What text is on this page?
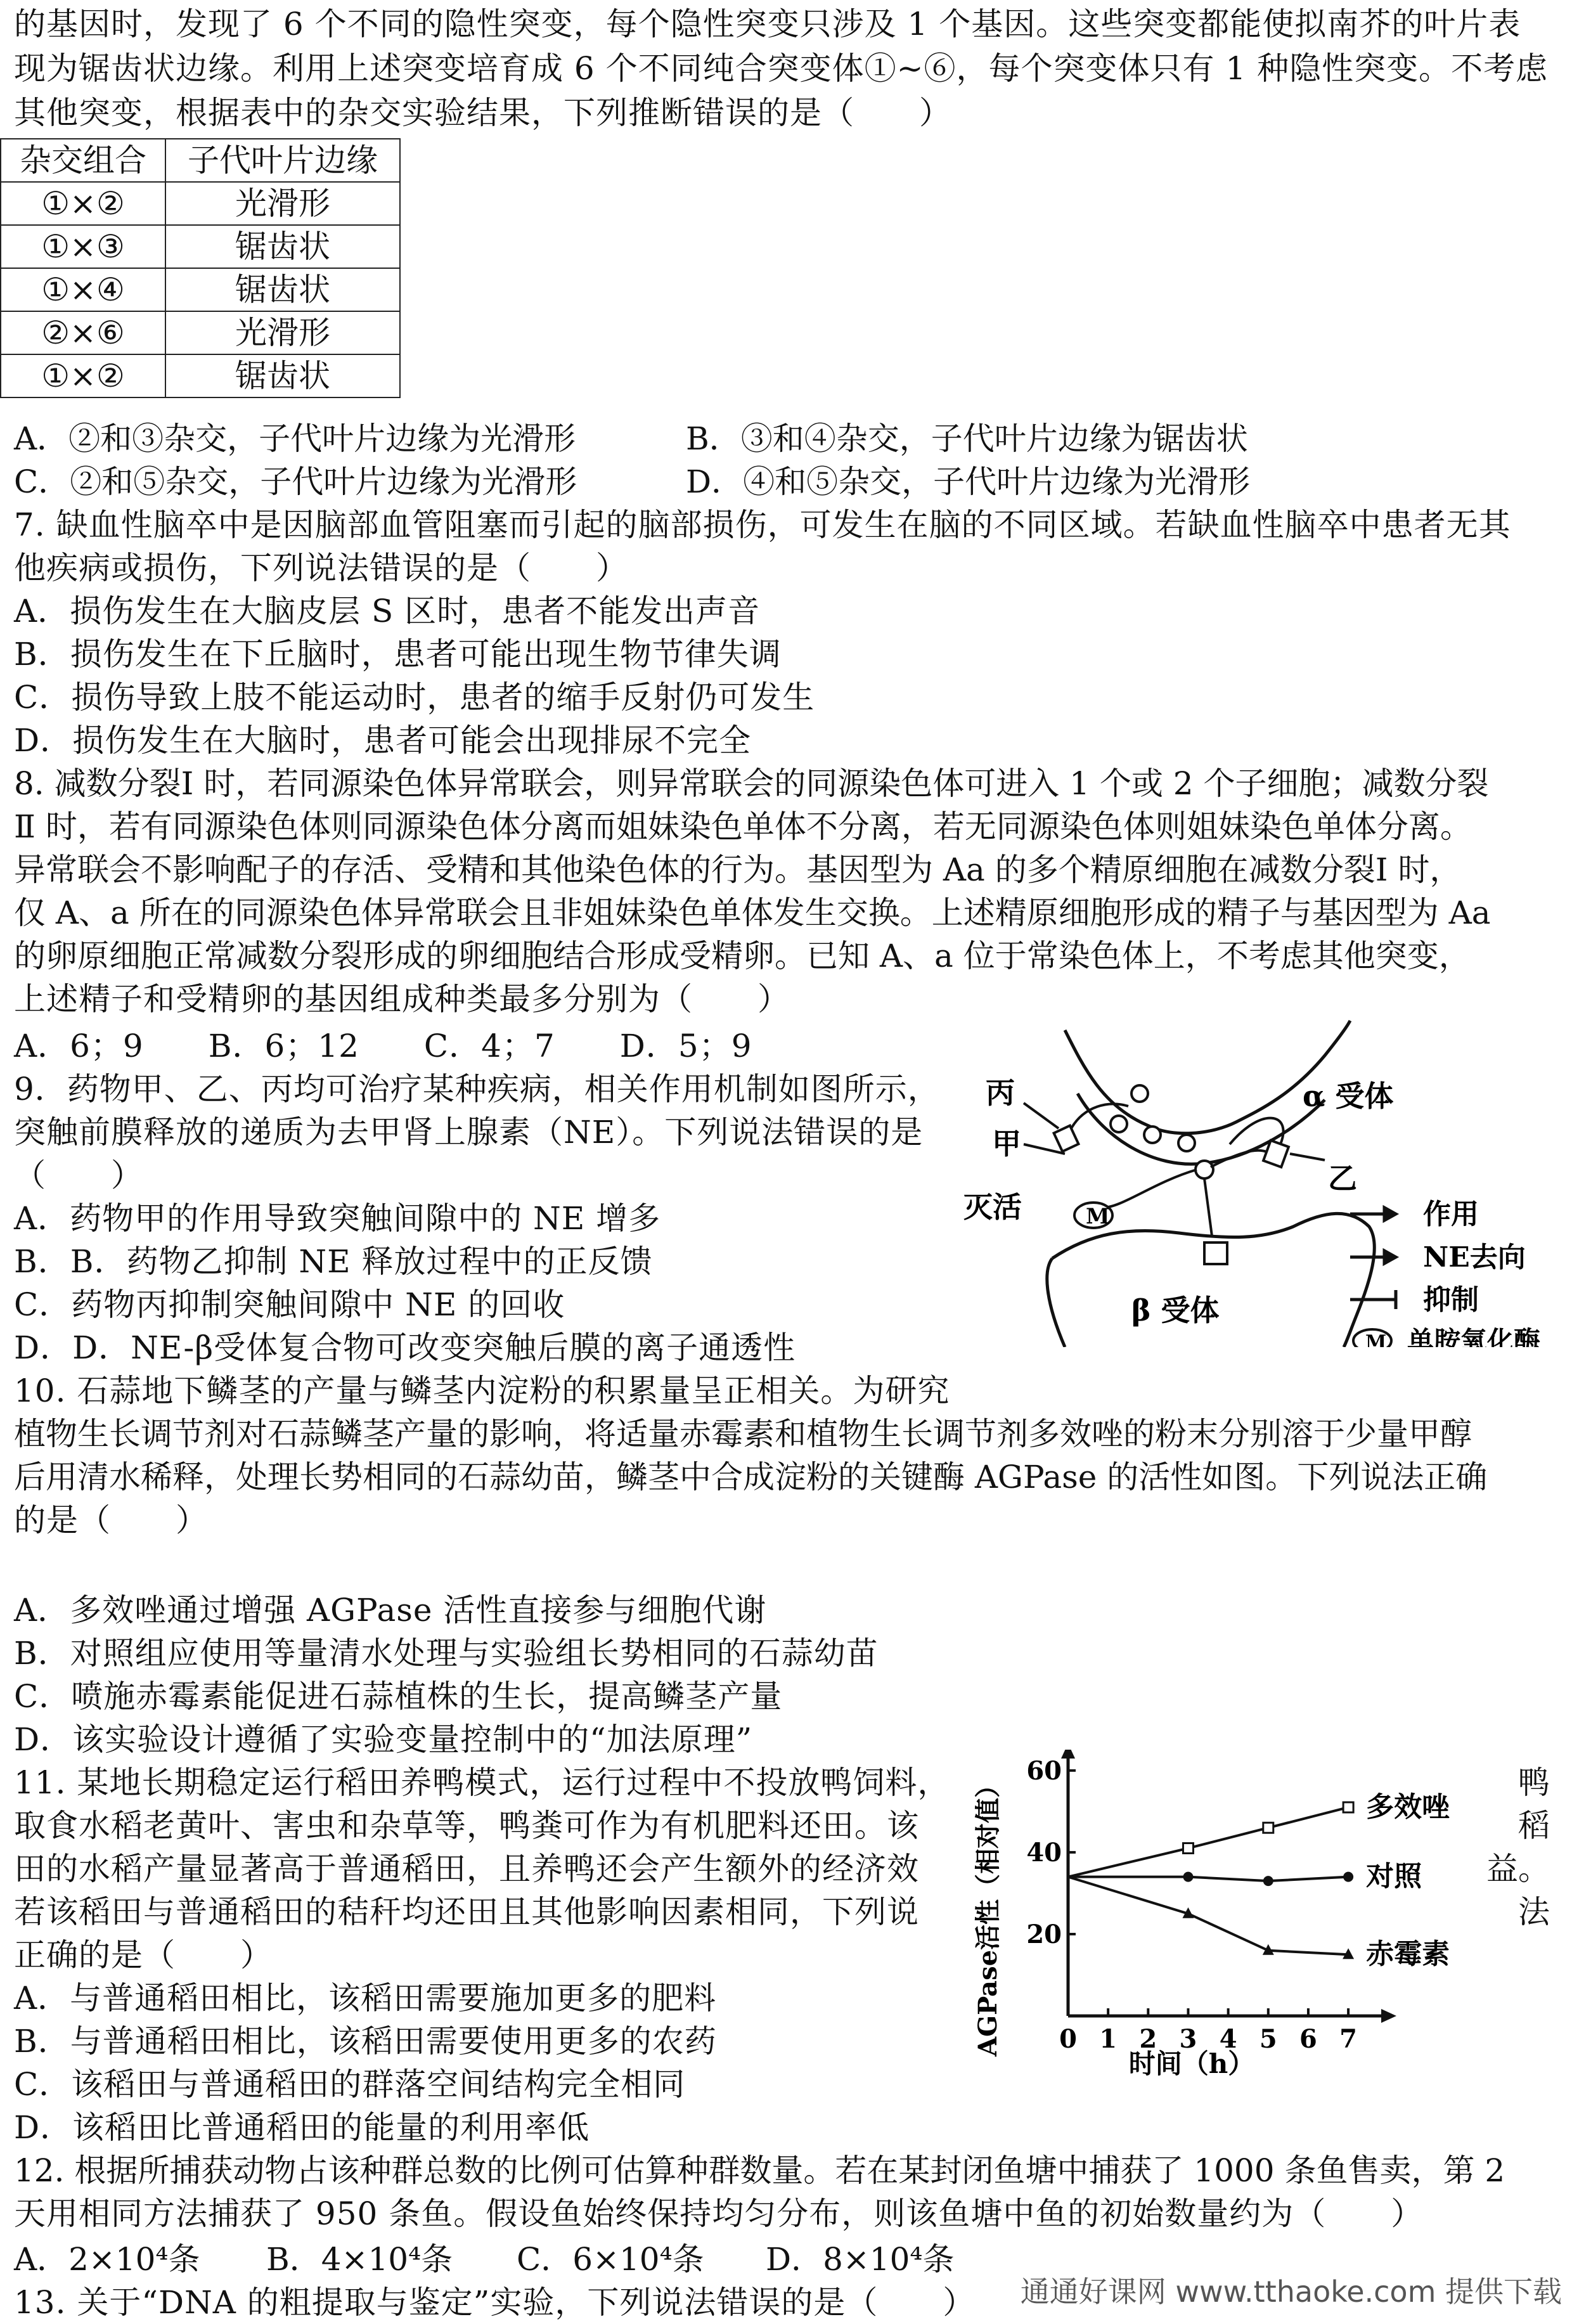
的基因时，发现了 6 个不同的隐性突变，每个隐性突变只涉及 1 个基因。这些突变都能使拟南芥的叶片表
现为锯齿状边缘。利用上述突变培育成 6 个不同纯合突变体①~⑥，每个突变体只有 1 种隐性突变。不考虑
其他突变，根据表中的杂交实验结果，下列推断错误的是（　　）
杂交组合	子代叶片边缘
①×②	光滑形
①×③	锯齿状
①×④	锯齿状
②×⑥	光滑形
①×②	锯齿状
A．②和③杂交，子代叶片边缘为光滑形	B．③和④杂交，子代叶片边缘为锯齿状
C．②和⑤杂交，子代叶片边缘为光滑形	D．④和⑤杂交，子代叶片边缘为光滑形
7. 缺血性脑卒中是因脑部血管阻塞而引起的脑部损伤，可发生在脑的不同区域。若缺血性脑卒中患者无其
他疾病或损伤，下列说法错误的是（　　）
A．损伤发生在大脑皮层 S 区时，患者不能发出声音
B．损伤发生在下丘脑时，患者可能出现生物节律失调
C．损伤导致上肢不能运动时，患者的缩手反射仍可发生
D．损伤发生在大脑时，患者可能会出现排尿不完全
8. 减数分裂Ⅰ 时，若同源染色体异常联会，则异常联会的同源染色体可进入 1 个或 2 个子细胞；减数分裂
Ⅱ 时，若有同源染色体则同源染色体分离而姐妹染色单体不分离，若无同源染色体则姐妹染色单体分离。
异常联会不影响配子的存活、受精和其他染色体的行为。基因型为 Aa 的多个精原细胞在减数分裂Ⅰ 时，
仅 A、a 所在的同源染色体异常联会且非姐妹染色单体发生交换。上述精原细胞形成的精子与基因型为 Aa
的卵原细胞正常减数分裂形成的卵细胞结合形成受精卵。已知 A、a 位于常染色体上，不考虑其他突变，
上述精子和受精卵的基因组成种类最多分别为（　　）
A．6；9　　B．6；12　　C．4；7　　D．5；9
9．药物甲、乙、丙均可治疗某种疾病，相关作用机制如图所示，
突触前膜释放的递质为去甲肾上腺素（NE）。下列说法错误的是
（　　）
A．药物甲的作用导致突触间隙中的 NE 增多
B．B．药物乙抑制 NE 释放过程中的正反馈
C．药物丙抑制突触间隙中 NE 的回收
D．D．NE-β受体复合物可改变突触后膜的离子通透性
M
丙
甲
灭活
α 受体
乙
β 受体
M
作用
NE去向
抑制
单胺氧化酶
10. 石蒜地下鳞茎的产量与鳞茎内淀粉的积累量呈正相关。为研究
植物生长调节剂对石蒜鳞茎产量的影响，将适量赤霉素和植物生长调节剂多效唑的粉末分别溶于少量甲醇
后用清水稀释，处理长势相同的石蒜幼苗，鳞茎中合成淀粉的关键酶 AGPase 的活性如图。下列说法正确
的是（　　）
A．多效唑通过增强 AGPase 活性直接参与细胞代谢
B．对照组应使用等量清水处理与实验组长势相同的石蒜幼苗
C．喷施赤霉素能促进石蒜植株的生长，提高鳞茎产量
D．该实验设计遵循了实验变量控制中的“加法原理”
11. 某地长期稳定运行稻田养鸭模式，运行过程中不投放鸭饲料，
取食水稻老黄叶、害虫和杂草等，鸭粪可作为有机肥料还田。该
田的水稻产量显著高于普通稻田，且养鸭还会产生额外的经济效
若该稻田与普通稻田的秸秆均还田且其他影响因素相同，下列说
正确的是（　　）
A．与普通稻田相比，该稻田需要施加更多的肥料
B．与普通稻田相比，该稻田需要使用更多的农药
C．该稻田与普通稻田的群落空间结构完全相同
D．该稻田比普通稻田的能量的利用率低
鸭
稻
益。
法
AGPase活性（相对值）
时间（h）
0 1 2 3 4 5 6 7
20
40
60
多效唑
对照
赤霉素
12. 根据所捕获动物占该种群总数的比例可估算种群数量。若在某封闭鱼塘中捕获了 1000 条鱼售卖，第 2
天用相同方法捕获了 950 条鱼。假设鱼始终保持均匀分布，则该鱼塘中鱼的初始数量约为（　　）
A．2×10⁴条 B．4×10⁴条 C．6×10⁴条 D．8×10⁴条
13. 关于“DNA 的粗提取与鉴定”实验，下列说法错误的是（　　） 通通好课网 www.tthaoke.com 提供下载
